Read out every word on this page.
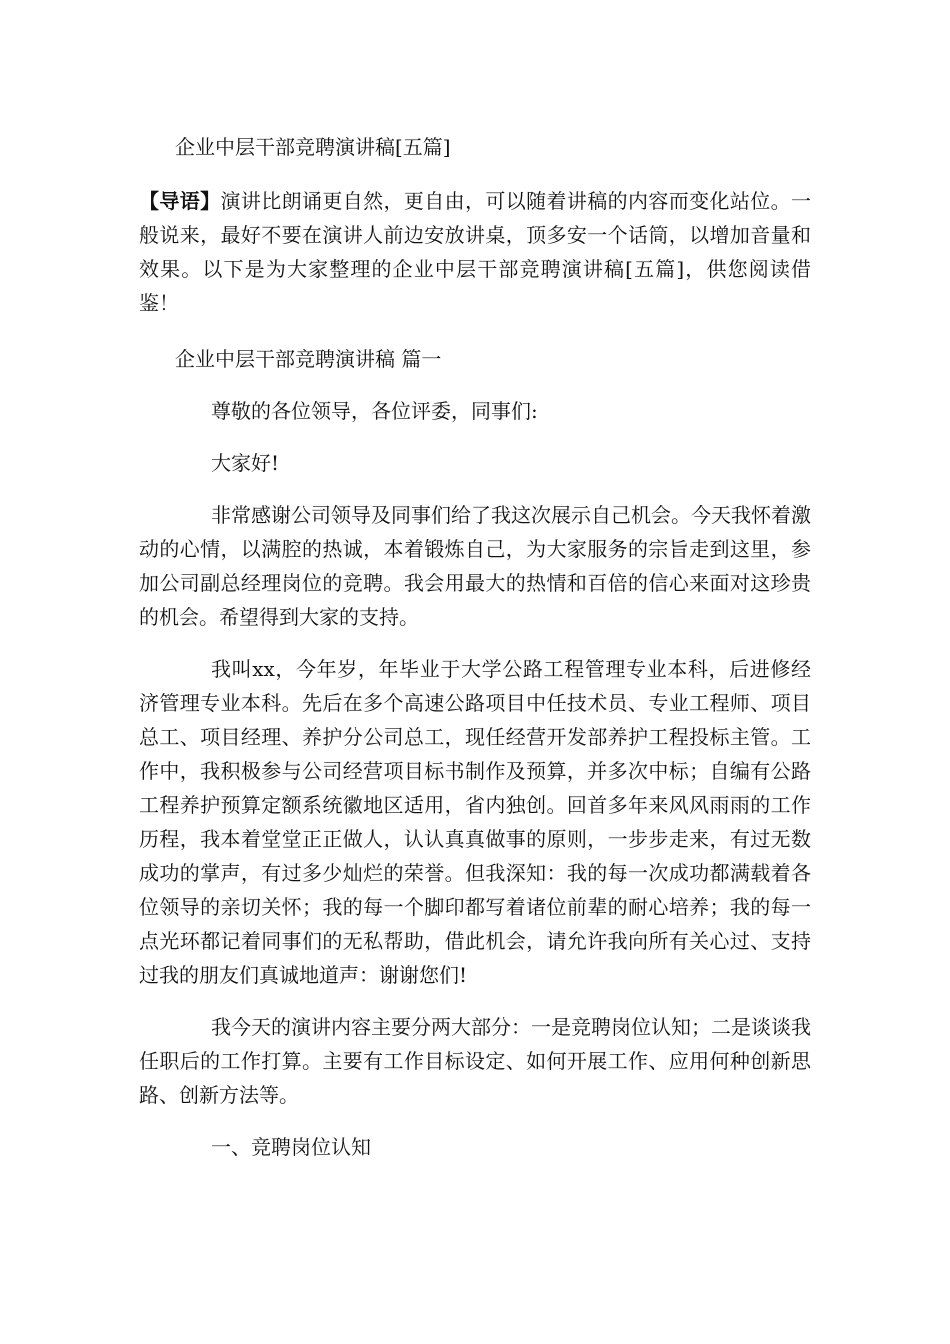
企业中层干部竞聘演讲稿[五篇]

【导语】演讲比朗诵更自然，更自由，可以随着讲稿的内容而变化站位。一般说来，最好不要在演讲人前边安放讲桌，顶多安一个话筒，以增加音量和效果。以下是为大家整理的企业中层干部竞聘演讲稿[五篇]，供您阅读借鉴！

企业中层干部竞聘演讲稿 篇一

尊敬的各位领导，各位评委，同事们:

大家好!

非常感谢公司领导及同事们给了我这次展示自己机会。今天我怀着激动的心情，以满腔的热诚，本着锻炼自己，为大家服务的宗旨走到这里，参加公司副总经理岗位的竞聘。我会用最大的热情和百倍的信心来面对这珍贵的机会。希望得到大家的支持。

我叫xx，今年岁，年毕业于大学公路工程管理专业本科，后进修经济管理专业本科。先后在多个高速公路项目中任技术员、专业工程师、项目总工、项目经理、养护分公司总工，现任经营开发部养护工程投标主管。工作中，我积极参与公司经营项目标书制作及预算，并多次中标；自编有公路工程养护预算定额系统徽地区适用，省内独创。回首多年来风风雨雨的工作历程，我本着堂堂正正做人，认认真真做事的原则，一步步走来，有过无数成功的掌声，有过多少灿烂的荣誉。但我深知：我的每一次成功都满载着各位领导的亲切关怀；我的每一个脚印都写着诸位前辈的耐心培养；我的每一点光环都记着同事们的无私帮助，借此机会，请允许我向所有关心过、支持过我的朋友们真诚地道声：谢谢您们!

我今天的演讲内容主要分两大部分：一是竞聘岗位认知；二是谈谈我任职后的工作打算。主要有工作目标设定、如何开展工作、应用何种创新思路、创新方法等。

一、竞聘岗位认知
